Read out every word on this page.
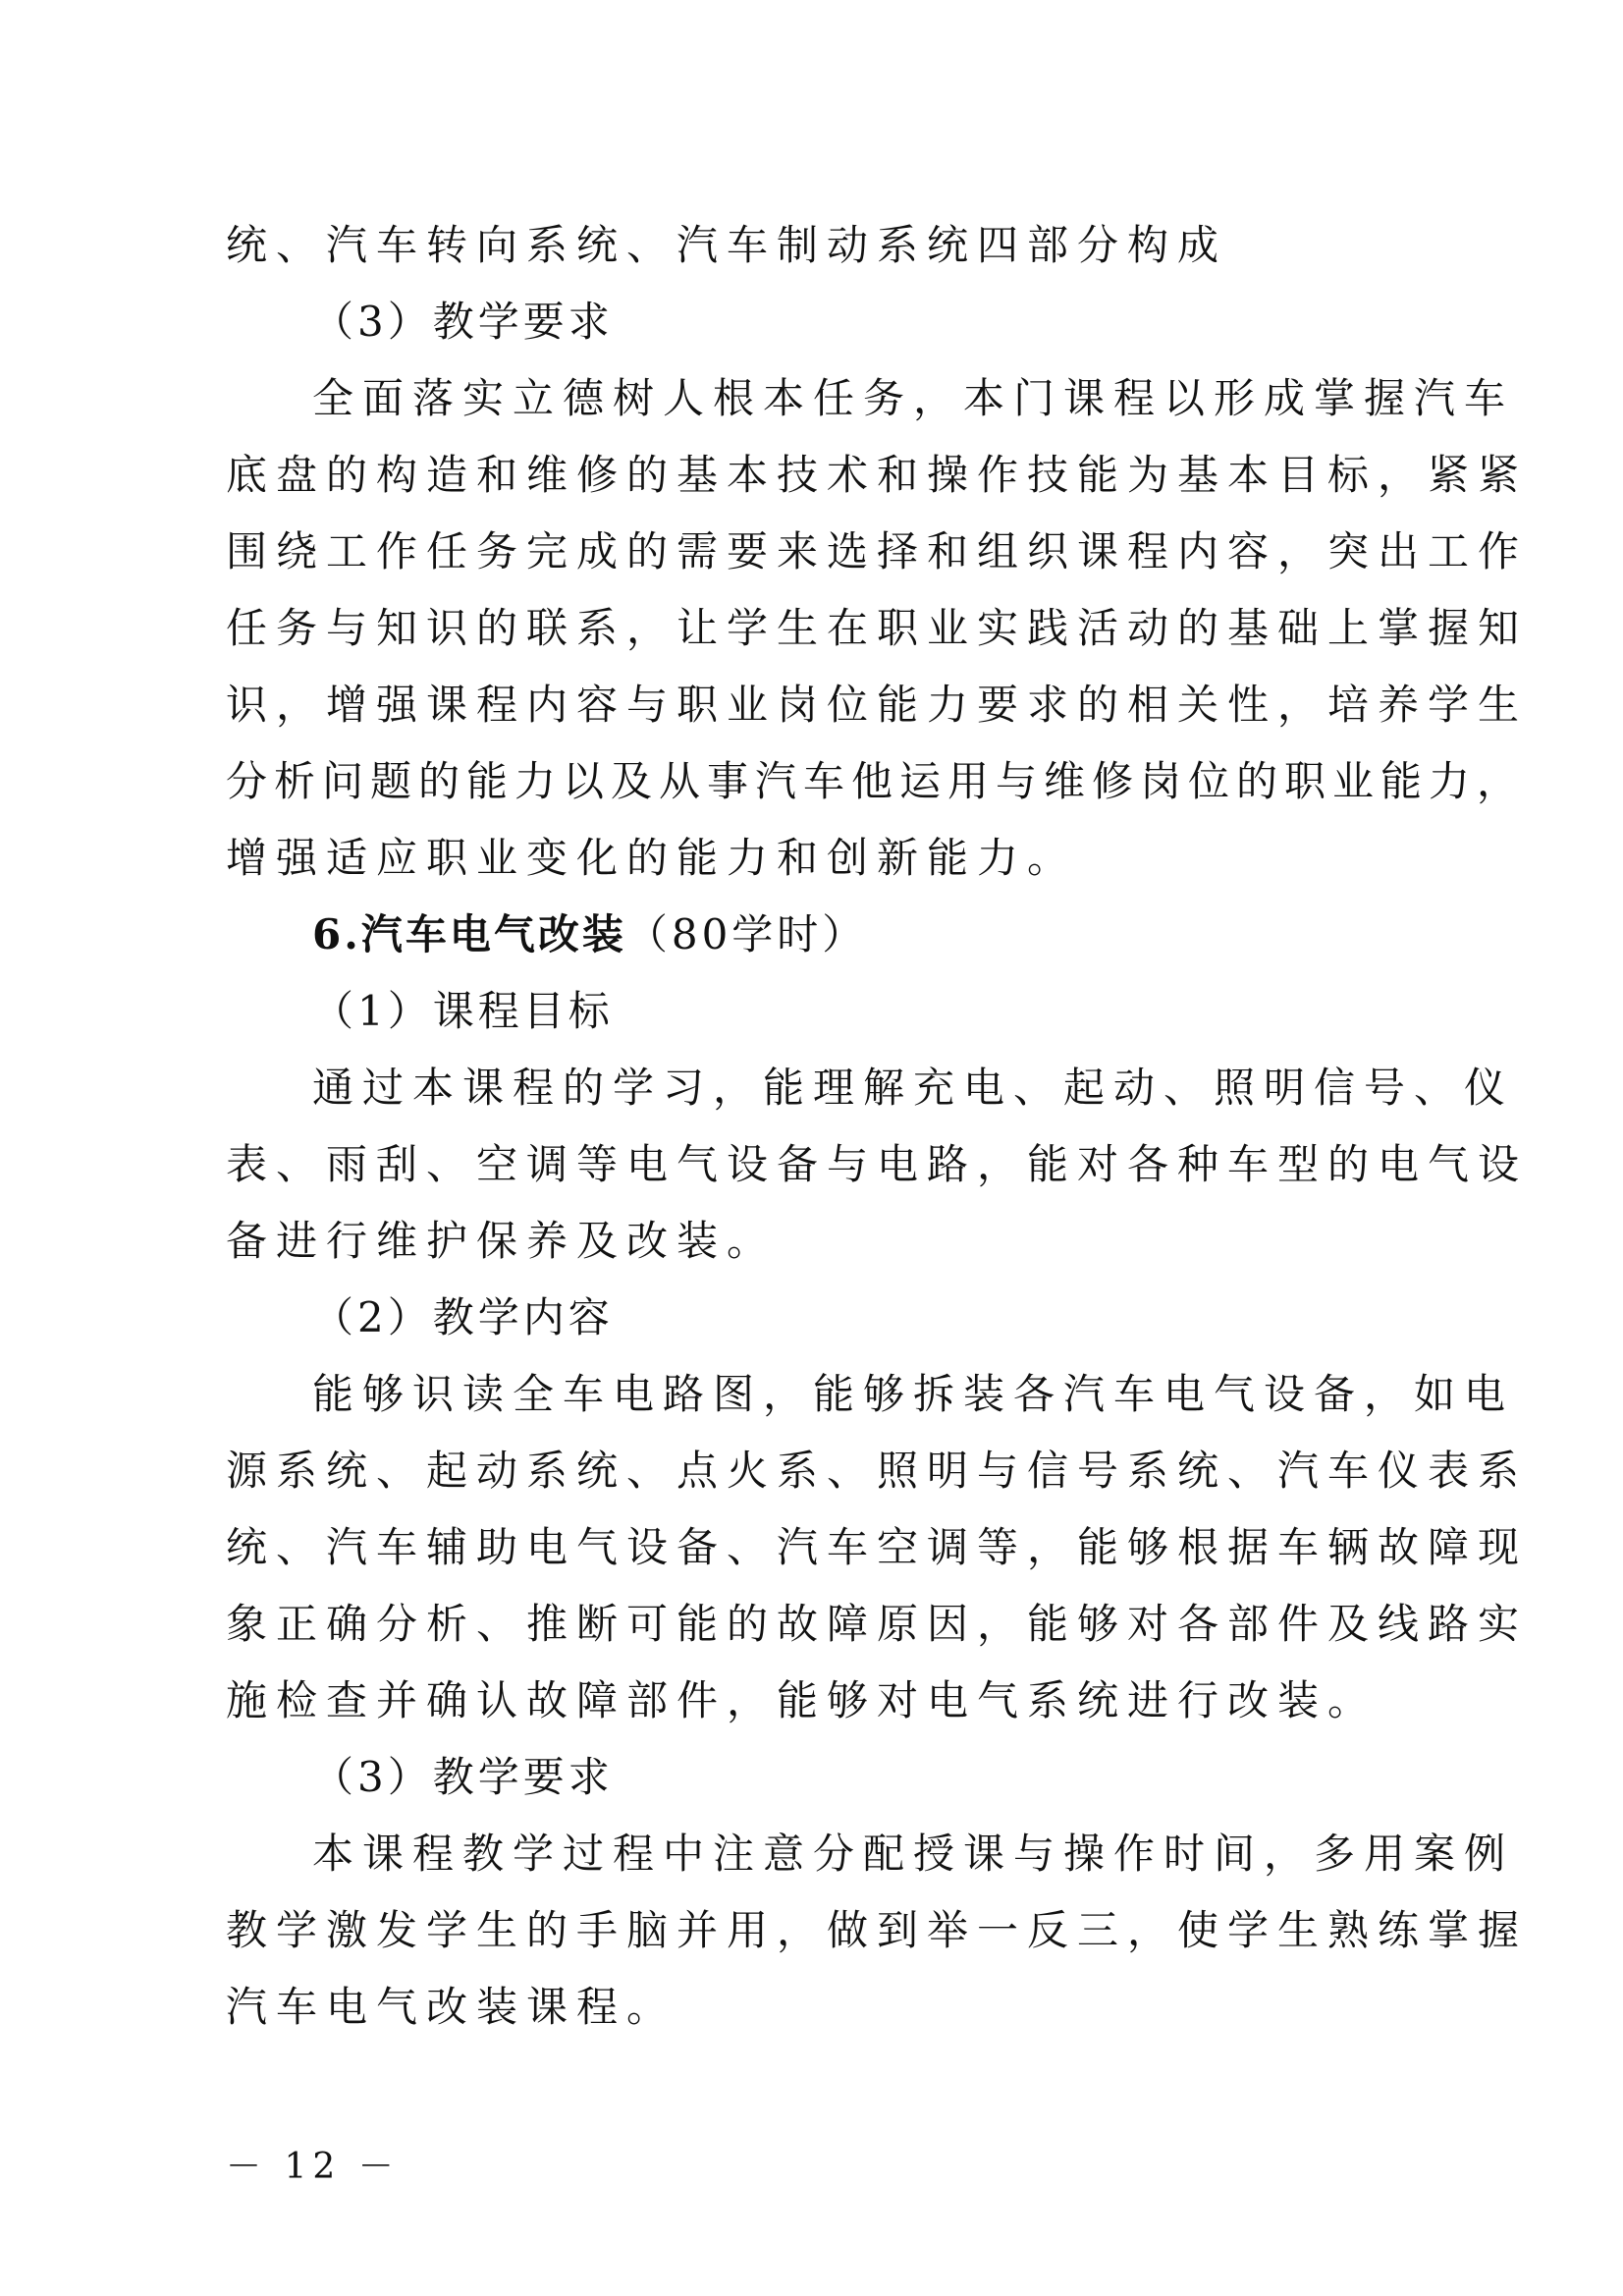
统、汽车转向系统、汽车制动系统四部分构成
（3）教学要求
全面落实立德树人根本任务，本门课程以形成掌握汽车
底盘的构造和维修的基本技术和操作技能为基本目标，紧紧
围绕工作任务完成的需要来选择和组织课程内容，突出工作
任务与知识的联系，让学生在职业实践活动的基础上掌握知
识，增强课程内容与职业岗位能力要求的相关性，培养学生
分析问题的能力以及从事汽车他运用与维修岗位的职业能力，
增强适应职业变化的能力和创新能力。
6.汽车电气改装（80学时）
（1）课程目标
通过本课程的学习，能理解充电、起动、照明信号、仪
表、雨刮、空调等电气设备与电路，能对各种车型的电气设
备进行维护保养及改装。
（2）教学内容
能够识读全车电路图，能够拆装各汽车电气设备，如电
源系统、起动系统、点火系、照明与信号系统、汽车仪表系
统、汽车辅助电气设备、汽车空调等，能够根据车辆故障现
象正确分析、推断可能的故障原因，能够对各部件及线路实
施检查并确认故障部件，能够对电气系统进行改装。
（3）教学要求
本课程教学过程中注意分配授课与操作时间，多用案例
教学激发学生的手脑并用，做到举一反三，使学生熟练掌握
汽车电气改装课程。
－ 12 －
